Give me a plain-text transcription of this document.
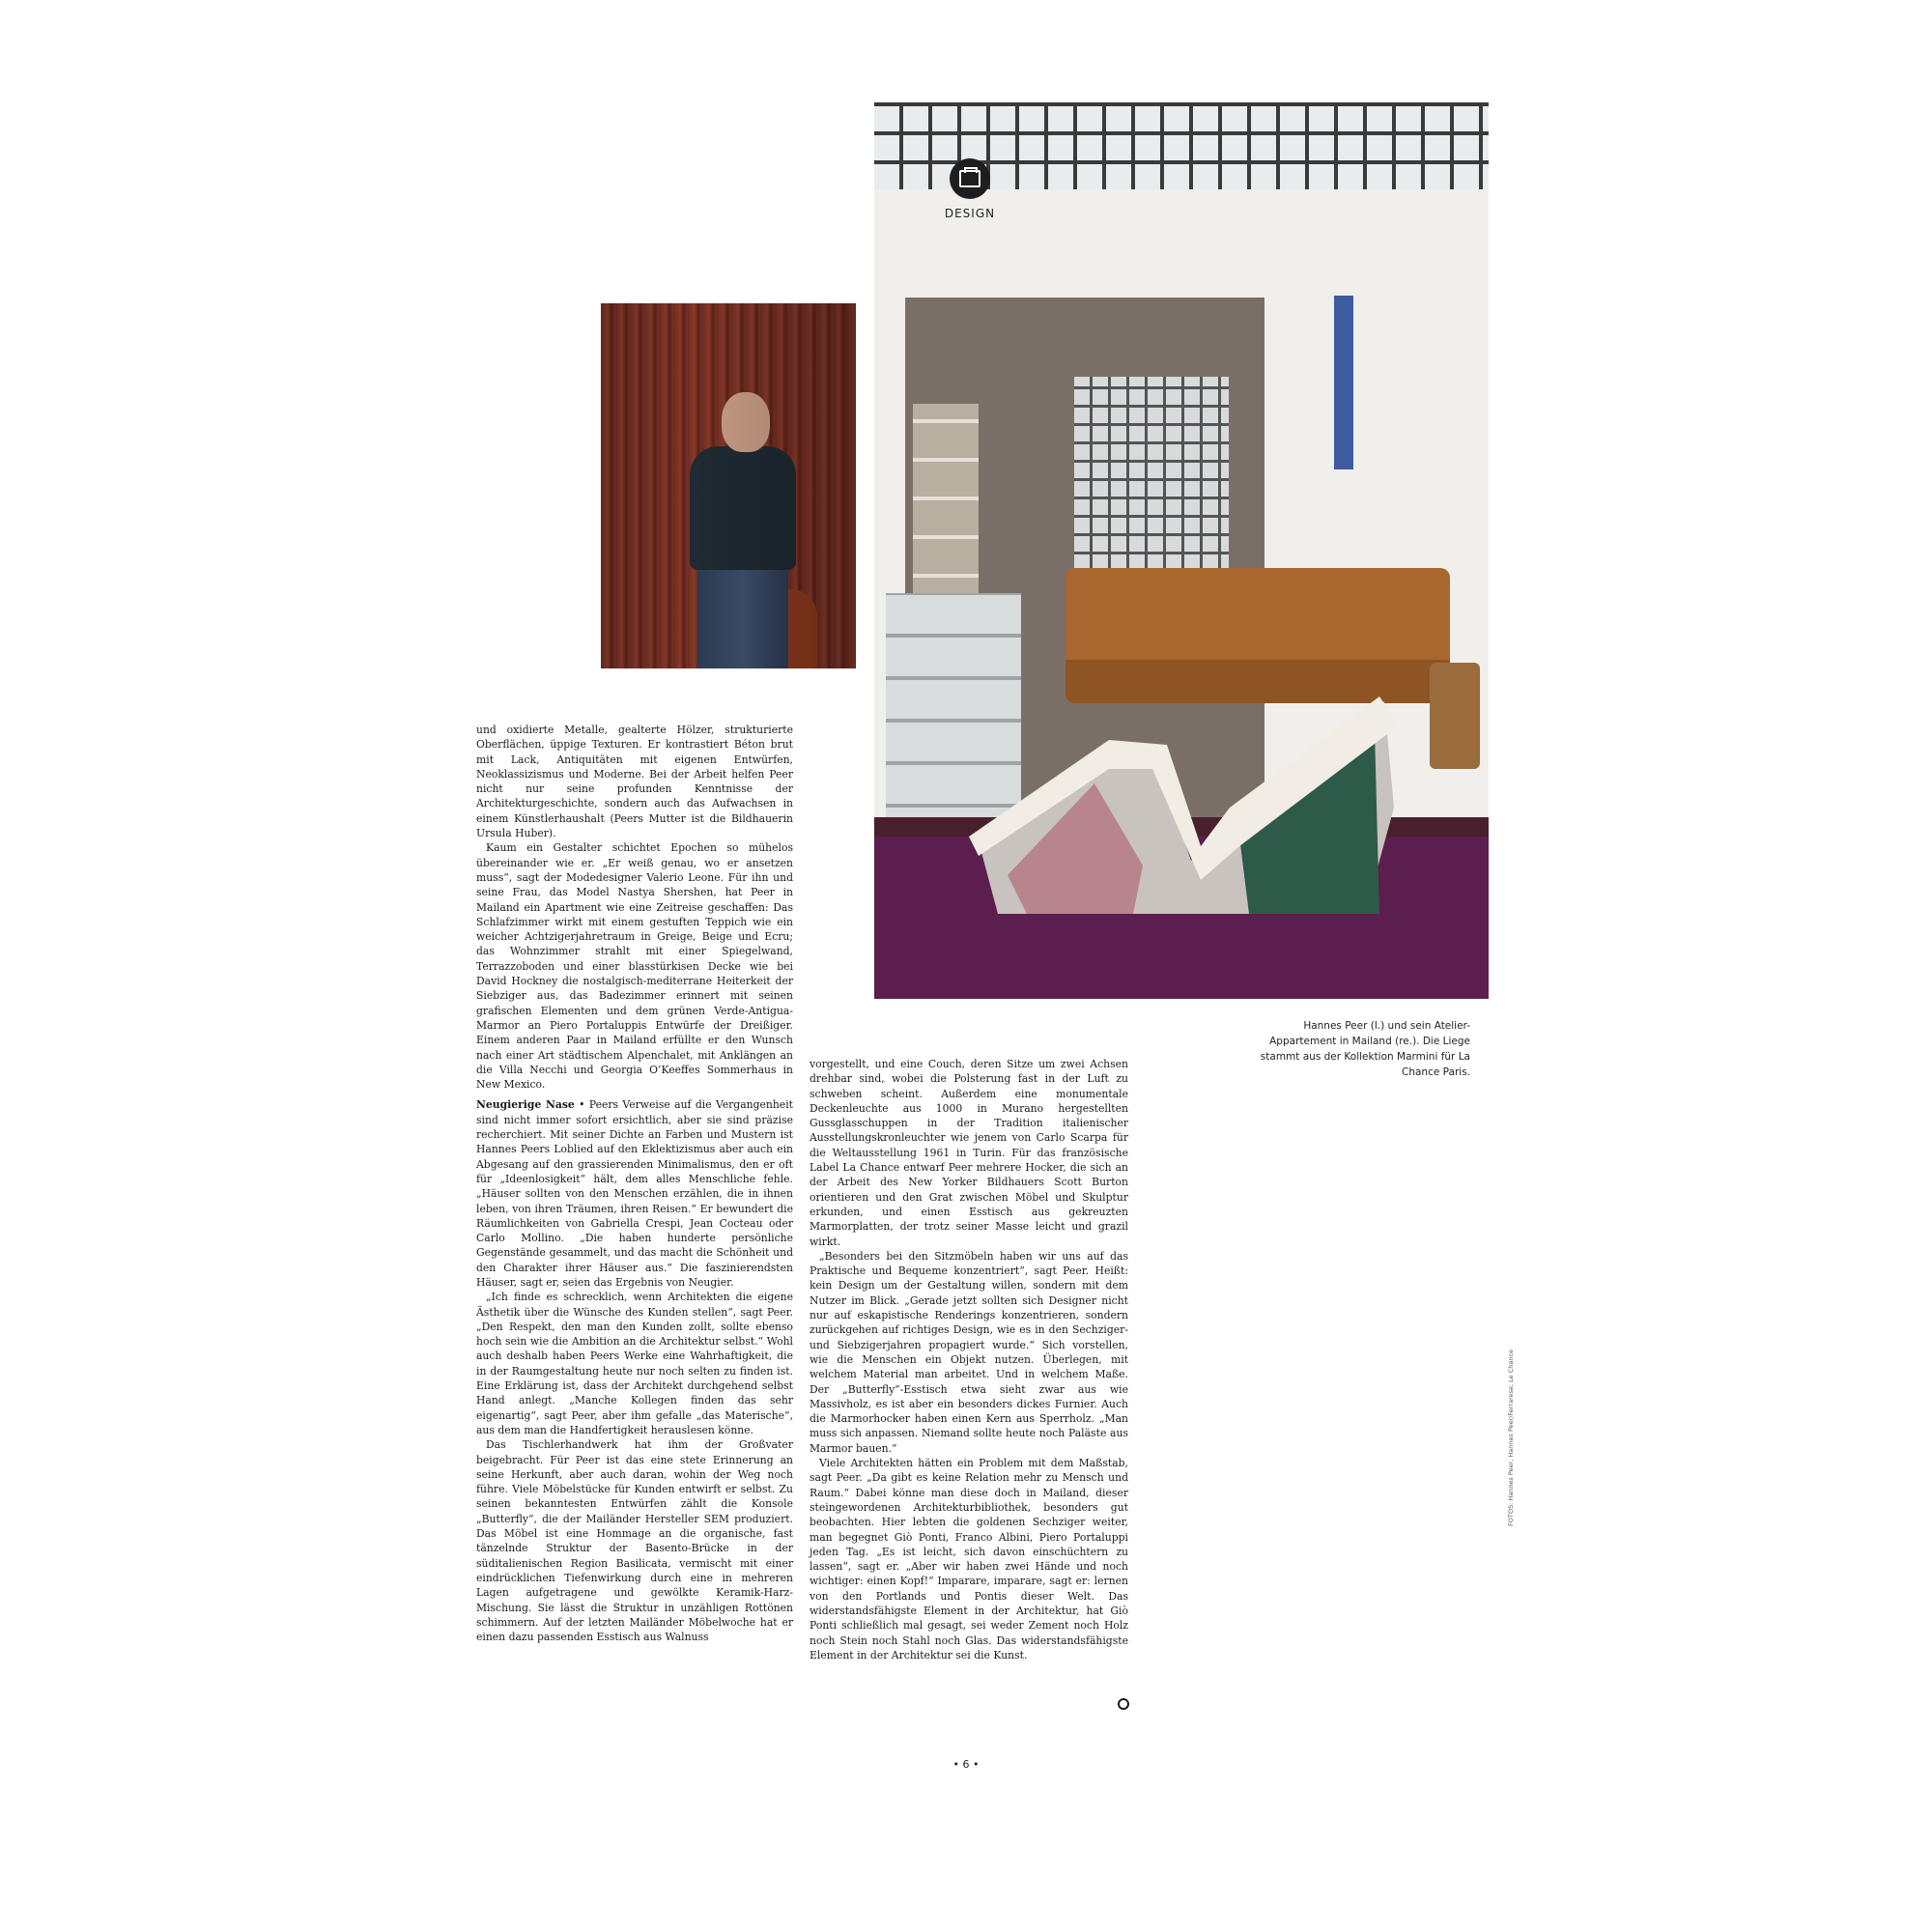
DESIGN
Hannes Peer (l.) und sein Atelier-Appartement in Mailand (re.). Die Liege stammt aus der Kollektion Marmini für La Chance Paris.
FOTOS: Hannes Peer, Hannes Peer/Ferrarese, Le Chance

und oxidierte Metalle, gealterte Hölzer, strukturierte Oberflächen, üppige Texturen. Er kontrastiert Béton brut mit Lack, Antiquitäten mit eigenen Entwürfen, Neoklassizismus und Moderne. Bei der Arbeit helfen Peer nicht nur seine profunden Kenntnisse der Architekturgeschichte, sondern auch das Aufwachsen in einem Künstlerhaushalt (Peers Mutter ist die Bildhauerin Ursula Huber).

Kaum ein Gestalter schichtet Epochen so mühelos übereinander wie er. „Er weiß genau, wo er ansetzen muss“, sagt der Modedesigner Valerio Leone. Für ihn und seine Frau, das Model Nastya Shershen, hat Peer in Mailand ein Apartment wie eine Zeitreise geschaffen: Das Schlafzimmer wirkt mit einem gestuften Teppich wie ein weicher Achtzigerjahretraum in Greige, Beige und Ecru; das Wohnzimmer strahlt mit einer Spiegelwand, Terrazzoboden und einer blasstürkisen Decke wie bei David Hockney die nostalgisch-mediterrane Heiterkeit der Siebziger aus, das Badezimmer erinnert mit seinen grafischen Elementen und dem grünen Verde-Antigua-Marmor an Piero Portaluppis Entwürfe der Dreißiger. Einem anderen Paar in Mailand erfüllte er den Wunsch nach einer Art städtischem Alpenchalet, mit Anklängen an die Villa Necchi und Georgia O’Keeffes Sommerhaus in New Mexico.

Neugierige Nase • Peers Verweise auf die Vergangenheit sind nicht immer sofort ersichtlich, aber sie sind präzise recherchiert. Mit seiner Dichte an Farben und Mustern ist Hannes Peers Loblied auf den Eklektizismus aber auch ein Abgesang auf den grassierenden Minimalismus, den er oft für „Ideenlosigkeit“ hält, dem alles Menschliche fehle. „Häuser sollten von den Menschen erzählen, die in ihnen leben, von ihren Träumen, ihren Reisen.“ Er bewundert die Räumlichkeiten von Gabriella Crespi, Jean Cocteau oder Carlo Mollino. „Die haben hunderte persönliche Gegenstände gesammelt, und das macht die Schönheit und den Charakter ihrer Häuser aus.“ Die faszinierendsten Häuser, sagt er, seien das Ergebnis von Neugier.

„Ich finde es schrecklich, wenn Architekten die eigene Ästhetik über die Wünsche des Kunden stellen“, sagt Peer. „Den Respekt, den man den Kunden zollt, sollte ebenso hoch sein wie die Ambition an die Architektur selbst.“ Wohl auch deshalb haben Peers Werke eine Wahrhaftigkeit, die in der Raumgestaltung heute nur noch selten zu finden ist. Eine Erklärung ist, dass der Architekt durchgehend selbst Hand anlegt. „Manche Kollegen finden das sehr eigenartig“, sagt Peer, aber ihm gefalle „das Materische“, aus dem man die Handfertigkeit herauslesen könne.

Das Tischlerhandwerk hat ihm der Großvater beigebracht. Für Peer ist das eine stete Erinnerung an seine Herkunft, aber auch daran, wohin der Weg noch führe. Viele Möbelstücke für Kunden entwirft er selbst. Zu seinen bekanntesten Entwürfen zählt die Konsole „Butterfly“, die der Mailänder Hersteller SEM produziert. Das Möbel ist eine Hommage an die organische, fast tänzelnde Struktur der Basento-Brücke in der süditalienischen Region Basilicata, vermischt mit einer eindrücklichen Tiefenwirkung durch eine in mehreren Lagen aufgetragene und gewölkte Keramik-Harz-Mischung. Sie lässt die Struktur in unzähligen Rottönen schimmern. Auf der letzten Mailänder Möbelwoche hat er einen dazu passenden Esstisch aus Walnuss

vorgestellt, und eine Couch, deren Sitze um zwei Achsen drehbar sind, wobei die Polsterung fast in der Luft zu schweben scheint. Außerdem eine monumentale Deckenleuchte aus 1000 in Murano hergestellten Gussglasschuppen in der Tradition italienischer Ausstellungskronleuchter wie jenem von Carlo Scarpa für die Weltausstellung 1961 in Turin. Für das französische Label La Chance entwarf Peer mehrere Hocker, die sich an der Arbeit des New Yorker Bildhauers Scott Burton orientieren und den Grat zwischen Möbel und Skulptur erkunden, und einen Esstisch aus gekreuzten Marmorplatten, der trotz seiner Masse leicht und grazil wirkt.

„Besonders bei den Sitzmöbeln haben wir uns auf das Praktische und Bequeme konzentriert“, sagt Peer. Heißt: kein Design um der Gestaltung willen, sondern mit dem Nutzer im Blick. „Gerade jetzt sollten sich Designer nicht nur auf eskapistische Renderings konzentrieren, sondern zurückgehen auf richtiges Design, wie es in den Sechziger- und Siebzigerjahren propagiert wurde.“ Sich vorstellen, wie die Menschen ein Objekt nutzen. Überlegen, mit welchem Material man arbeitet. Und in welchem Maße. Der „Butterfly“-Esstisch etwa sieht zwar aus wie Massivholz, es ist aber ein besonders dickes Furnier. Auch die Marmorhocker haben einen Kern aus Sperrholz. „Man muss sich anpassen. Niemand sollte heute noch Paläste aus Marmor bauen.“

Viele Architekten hätten ein Problem mit dem Maßstab, sagt Peer. „Da gibt es keine Relation mehr zu Mensch und Raum.“ Dabei könne man diese doch in Mailand, dieser steingewordenen Architekturbibliothek, besonders gut beobachten. Hier lebten die goldenen Sechziger weiter, man begegnet Giò Ponti, Franco Albini, Piero Portaluppi jeden Tag. „Es ist leicht, sich davon einschüchtern zu lassen“, sagt er. „Aber wir haben zwei Hände und noch wichtiger: einen Kopf!“ Imparare, imparare, sagt er: lernen von den Portlands und Pontis dieser Welt. Das widerstandsfähigste Element in der Architektur, hat Giò Ponti schließlich mal gesagt, sei weder Zement noch Holz noch Stein noch Stahl noch Glas. Das widerstandsfähigste Element in der Architektur sei die Kunst.

• 6 •
